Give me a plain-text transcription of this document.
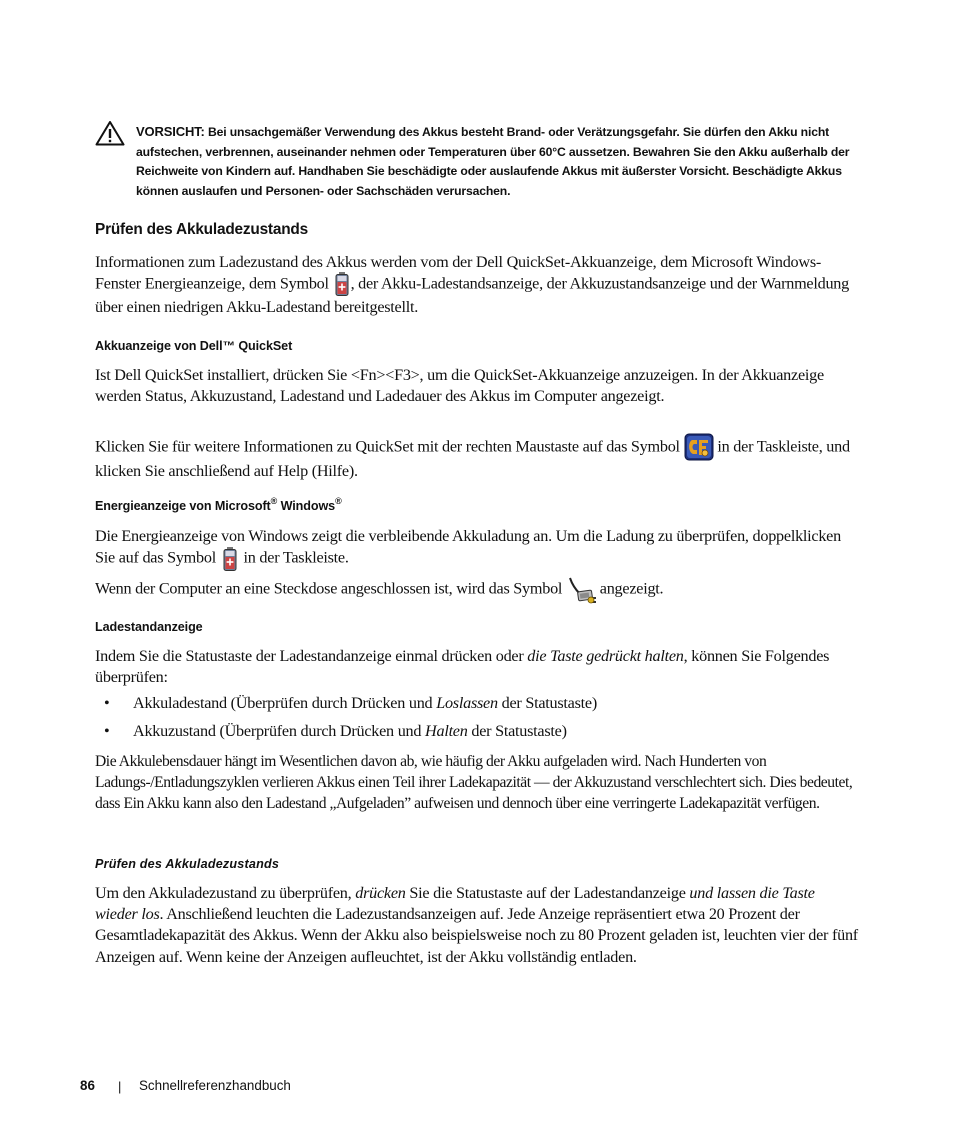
VORSICHT: Bei unsachgemäßer Verwendung des Akkus besteht Brand- oder Verätzungsgefahr. Sie dürfen den Akku nicht aufstechen, verbrennen, auseinander nehmen oder Temperaturen über 60°C aussetzen. Bewahren Sie den Akku außerhalb der Reichweite von Kindern auf. Handhaben Sie beschädigte oder auslaufende Akkus mit äußerster Vorsicht. Beschädigte Akkus können auslaufen und Personen- oder Sachschäden verursachen.
Prüfen des Akkuladezustands
Informationen zum Ladezustand des Akkus werden vom der Dell QuickSet-Akkuanzeige, dem Microsoft Windows-Fenster Energieanzeige, dem Symbol , der Akku-Ladestandsanzeige, der Akkuzustandsanzeige und der Warnmeldung über einen niedrigen Akku-Ladestand bereitgestellt.
Akkuanzeige von Dell™ QuickSet
Ist Dell QuickSet installiert, drücken Sie <Fn><F3>, um die QuickSet-Akkuanzeige anzuzeigen. In der Akkuanzeige werden Status, Akkuzustand, Ladestand und Ladedauer des Akkus im Computer angezeigt.
Klicken Sie für weitere Informationen zu QuickSet mit der rechten Maustaste auf das Symbol  in der Taskleiste, und klicken Sie anschließend auf Help (Hilfe).
Energieanzeige von Microsoft® Windows®
Die Energieanzeige von Windows zeigt die verbleibende Akkuladung an. Um die Ladung zu überprüfen, doppelklicken Sie auf das Symbol  in der Taskleiste.
Wenn der Computer an eine Steckdose angeschlossen ist, wird das Symbol  angezeigt.
Ladestandanzeige
Indem Sie die Statustaste der Ladestandanzeige einmal drücken oder die Taste gedrückt halten, können Sie Folgendes überprüfen:
• Akkuladestand (Überprüfen durch Drücken und Loslassen der Statustaste)
• Akkuzustand (Überprüfen durch Drücken und Halten der Statustaste)
Die Akkulebensdauer hängt im Wesentlichen davon ab, wie häufig der Akku aufgeladen wird. Nach Hunderten von Ladungs-/Entladungszyklen verlieren Akkus einen Teil ihrer Ladekapazität — der Akkuzustand verschlechtert sich. Dies bedeutet, dass Ein Akku kann also den Ladestand „Aufgeladen” aufweisen und dennoch über eine verringerte Ladekapazität verfügen.
Prüfen des Akkuladezustands
Um den Akkuladezustand zu überprüfen, drücken Sie die Statustaste auf der Ladestandanzeige und lassen die Taste wieder los. Anschließend leuchten die Ladezustandsanzeigen auf. Jede Anzeige repräsentiert etwa 20 Prozent der Gesamtladekapazität des Akkus. Wenn der Akku also beispielsweise noch zu 80 Prozent geladen ist, leuchten vier der fünf Anzeigen auf. Wenn keine der Anzeigen aufleuchtet, ist der Akku vollständig entladen.
86 | Schnellreferenzhandbuch
